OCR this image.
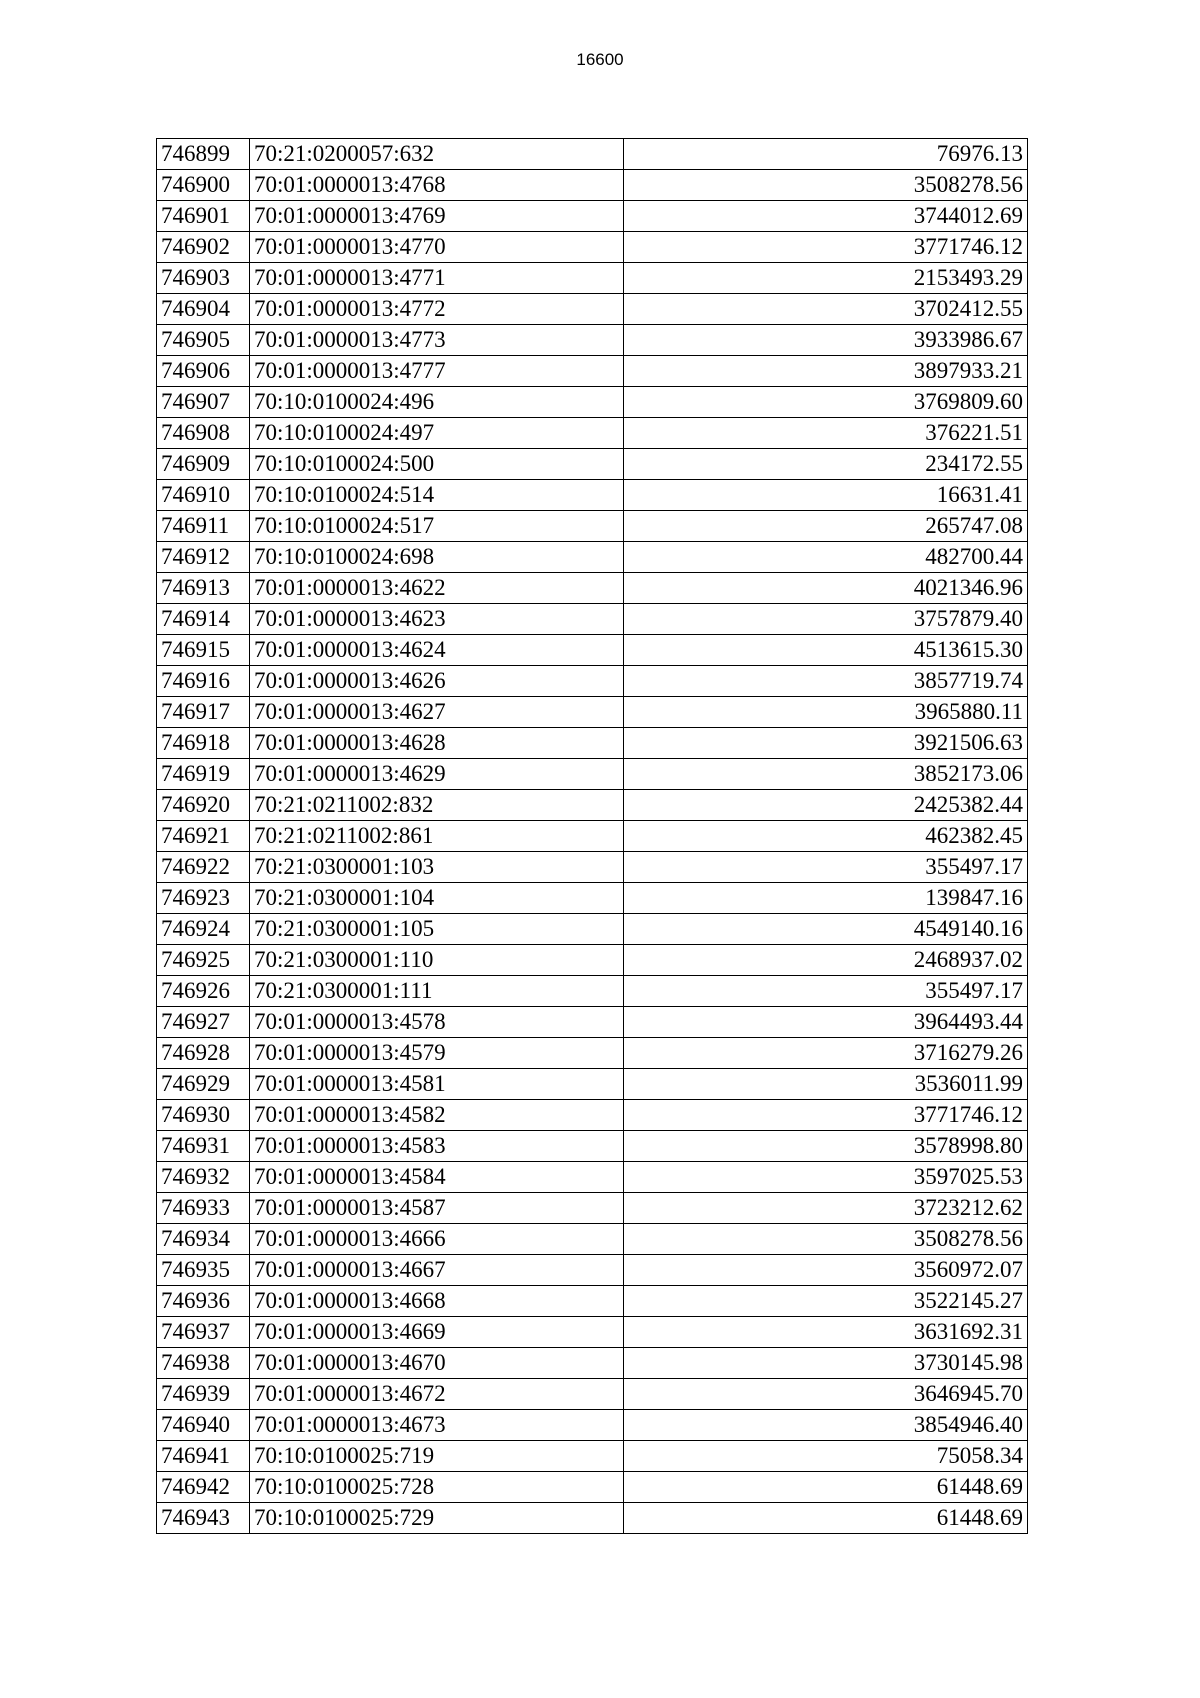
16600
746899	70:21:0200057:632	76976.13
746900	70:01:0000013:4768	3508278.56
746901	70:01:0000013:4769	3744012.69
746902	70:01:0000013:4770	3771746.12
746903	70:01:0000013:4771	2153493.29
746904	70:01:0000013:4772	3702412.55
746905	70:01:0000013:4773	3933986.67
746906	70:01:0000013:4777	3897933.21
746907	70:10:0100024:496	3769809.60
746908	70:10:0100024:497	376221.51
746909	70:10:0100024:500	234172.55
746910	70:10:0100024:514	16631.41
746911	70:10:0100024:517	265747.08
746912	70:10:0100024:698	482700.44
746913	70:01:0000013:4622	4021346.96
746914	70:01:0000013:4623	3757879.40
746915	70:01:0000013:4624	4513615.30
746916	70:01:0000013:4626	3857719.74
746917	70:01:0000013:4627	3965880.11
746918	70:01:0000013:4628	3921506.63
746919	70:01:0000013:4629	3852173.06
746920	70:21:0211002:832	2425382.44
746921	70:21:0211002:861	462382.45
746922	70:21:0300001:103	355497.17
746923	70:21:0300001:104	139847.16
746924	70:21:0300001:105	4549140.16
746925	70:21:0300001:110	2468937.02
746926	70:21:0300001:111	355497.17
746927	70:01:0000013:4578	3964493.44
746928	70:01:0000013:4579	3716279.26
746929	70:01:0000013:4581	3536011.99
746930	70:01:0000013:4582	3771746.12
746931	70:01:0000013:4583	3578998.80
746932	70:01:0000013:4584	3597025.53
746933	70:01:0000013:4587	3723212.62
746934	70:01:0000013:4666	3508278.56
746935	70:01:0000013:4667	3560972.07
746936	70:01:0000013:4668	3522145.27
746937	70:01:0000013:4669	3631692.31
746938	70:01:0000013:4670	3730145.98
746939	70:01:0000013:4672	3646945.70
746940	70:01:0000013:4673	3854946.40
746941	70:10:0100025:719	75058.34
746942	70:10:0100025:728	61448.69
746943	70:10:0100025:729	61448.69
